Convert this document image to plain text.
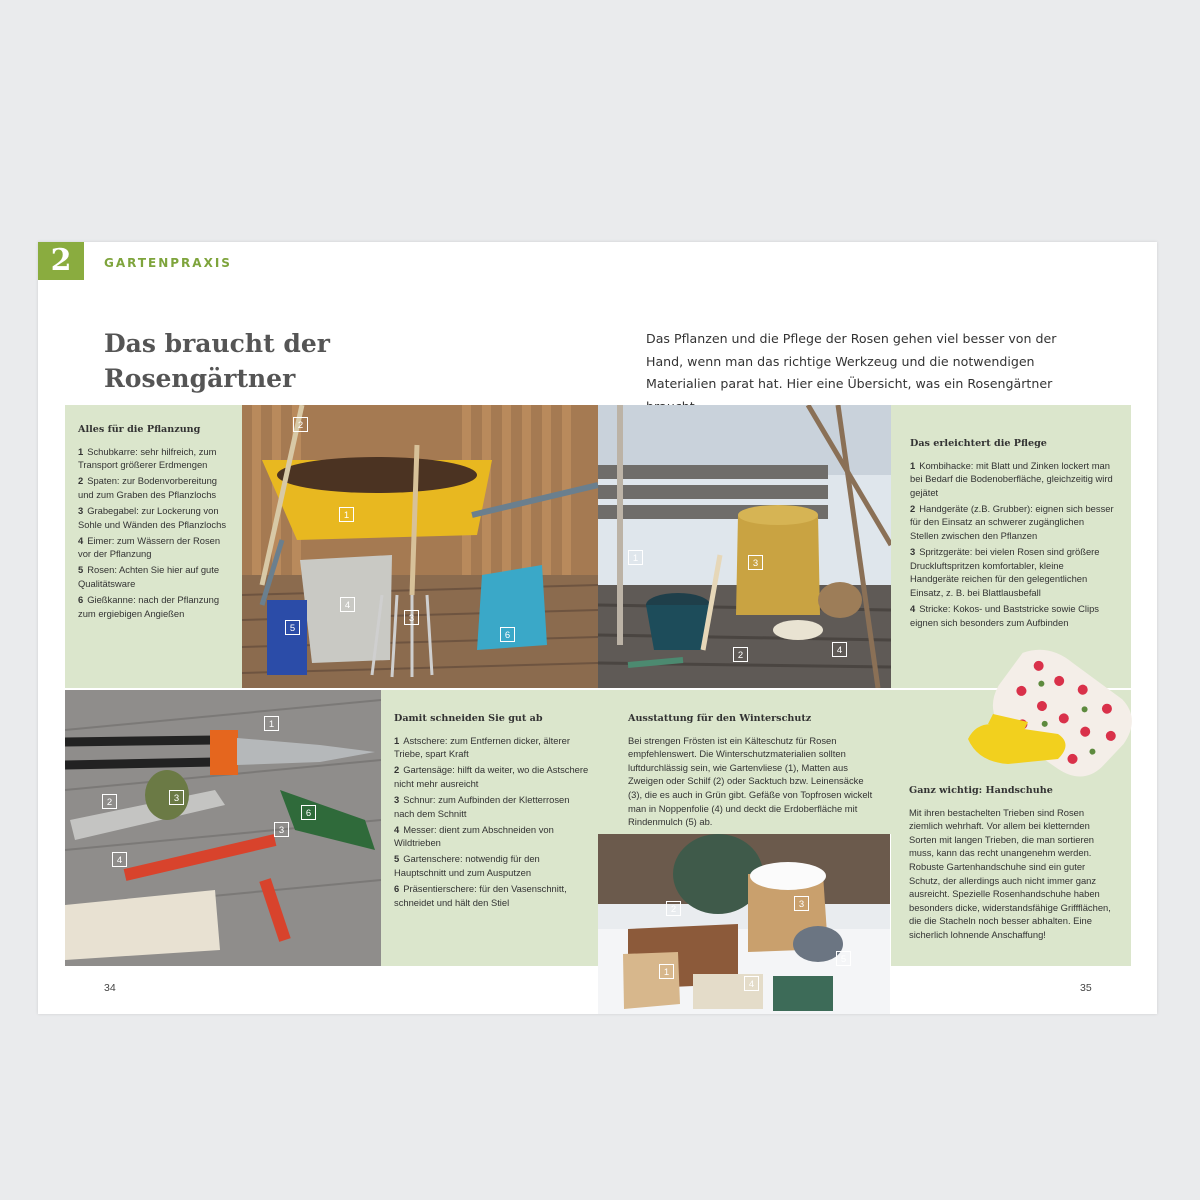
2	GARTENPRAXIS
Das braucht der
Rosengärtner
Das Pflanzen und die Pflege der Rosen gehen viel besser von der Hand, wenn man das richtige Werkzeug und die notwendigen Materialien parat hat. Hier eine Übersicht, was ein Rosengärtner
Alles für die Pflanzung
1 Schubkarre: sehr hilfreich, zum Transport größerer Erdmengen
2 Spaten: zur Bodenvorbereitung und zum Graben des Pflanzlochs
3 Grabegabel: zur Lockerung von Sohle und Wänden des Pflanzlochs
4 Eimer: zum Wässern der Rosen vor der Pflanzung
5 Rosen: Achten Sie hier auf gute Qualitätsware
6 Gießkanne: nach der Pflanzung zum ergiebigen Angießen
Das erleichtert die Pflege
1 Kombihacke: mit Blatt und Zinken lockert man bei Bedarf die Bodenoberfläche, gleichzeitig wird gejätet
2 Handgeräte (z.B. Grubber): eignen sich besser für den Einsatz an schwerer zugänglichen Stellen zwischen den Pflanzen
3 Spritzgeräte: bei vielen Rosen sind größere Druckluftspritzen komfortabler, kleine Handgeräte reichen für den gelegentlichen Einsatz, z. B. bei Blattlausbefall
4 Stricke: Kokos- und Baststricke sowie Clips eignen sich besonders zum Aufbinden
Damit schneiden Sie gut ab
1 Astschere: zum Entfernen dicker, älterer Triebe, spart Kraft
2 Gartensäge: hilft da weiter, wo die Astschere nicht mehr ausreicht
3 Schnur: zum Aufbinden der Kletterrosen nach dem Schnitt
4 Messer: dient zum Abschneiden von Wildtrieben
5 Gartenschere: notwendig für den Hauptschnitt und zum Ausputzen
6 Präsentierschere: für den Vasenschnitt, schneidet und hält den Stiel
Ausstattung für den Winterschutz

Bei strengen Frösten ist ein Kälteschutz für Rosen empfehlenswert. Die Winterschutzmaterialien sollten luftdurchlässig sein, wie Gartenvliese (1), Matten aus Zweigen oder Schilf (2) oder Sacktuch bzw. Leinensäcke (3), die es auch in Grün gibt. Gefäße von Topfrosen wickelt man in Noppenfolie (4) und deckt die Erdoberfläche mit Rindenmulch (5) ab.

Ganz wichtig: Handschuhe

Mit ihren bestachelten Trieben sind Rosen ziemlich wehrhaft. Vor allem bei kletternden Sorten mit langen Trieben, die man sortieren muss, kann das recht unangenehm werden. Robuste Gartenhandschuhe sind ein guter Schutz, der allerdings auch nicht immer ganz ausreicht. Spezielle Rosenhandschuhe haben besonders dicke, widerstandsfähige Griffflächen, die die Stacheln noch besser abhalten. Eine sicherlich lohnende Anschaffung!

2
1
4
3
5
6
1	3
2	4
1
2	3
6
3
4
2	3
1
4
5
34	35
